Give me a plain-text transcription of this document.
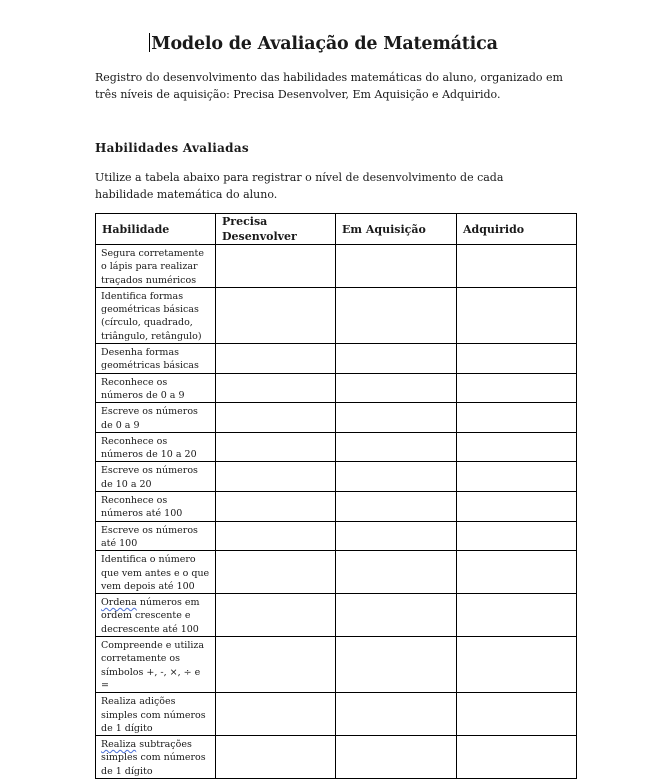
Modelo de Avaliação de Matemática
Registro do desenvolvimento das habilidades matemáticas do aluno, organizado em três níveis de aquisição: Precisa Desenvolver, Em Aquisição e Adquirido.
Habilidades Avaliadas
Utilize a tabela abaixo para registrar o nível de desenvolvimento de cada habilidade matemática do aluno.
Habilidade	Precisa Desenvolver	Em Aquisição	Adquirido
Segura corretamente o lápis para realizar traçados numéricos			
Identifica formas geométricas básicas (círculo, quadrado, triângulo, retângulo)			
Desenha formas geométricas básicas			
Reconhece os números de 0 a 9			
Escreve os números de 0 a 9			
Reconhece os números de 10 a 20			
Escreve os números de 10 a 20			
Reconhece os números até 100			
Escreve os números até 100			
Identifica o número que vem antes e o que vem depois até 100			
Ordena números em ordem crescente e decrescente até 100			
Compreende e utiliza corretamente os símbolos +, -, ×, ÷ e =			
Realiza adições simples com números de 1 dígito			
Realiza subtrações simples com números de 1 dígito			
